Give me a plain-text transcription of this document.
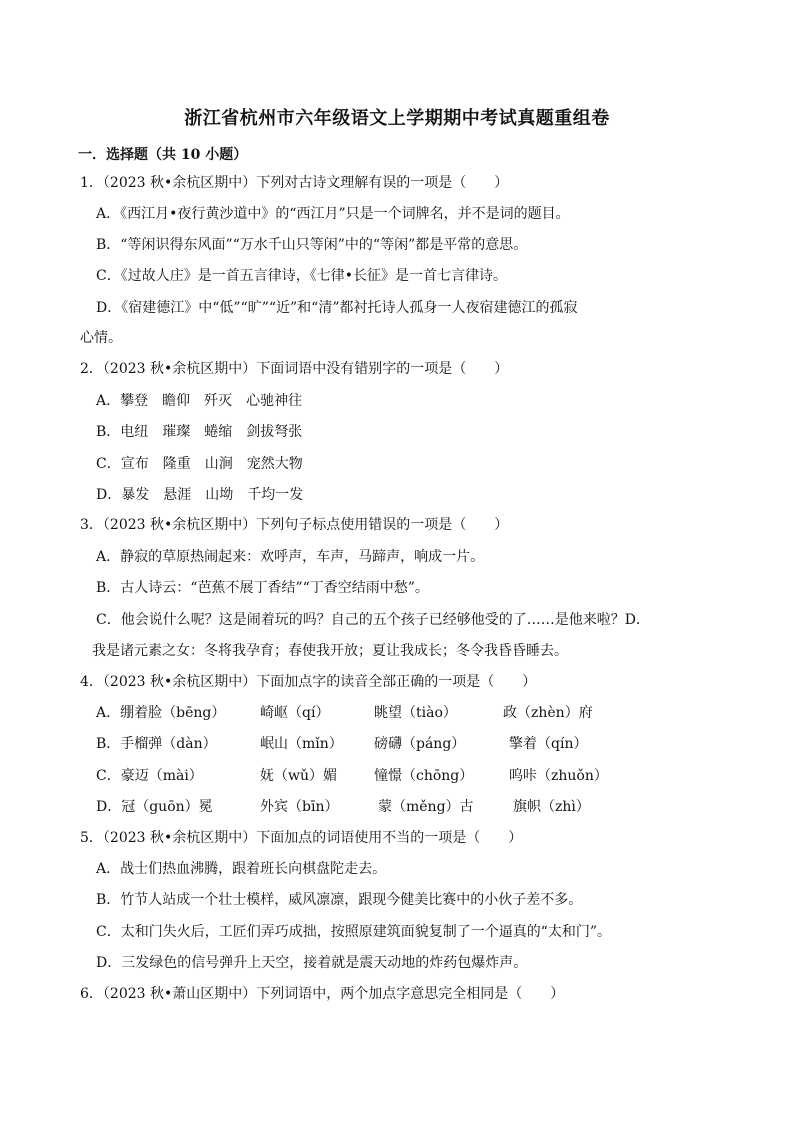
浙江省杭州市六年级语文上学期期中考试真题重组卷
一．选择题（共 10 小题）
1．（2023 秋•余杭区期中）下列对古诗文理解有误的一项是（　　）
A．《西江月•夜行黄沙道中》的“西江月”只是一个词牌名，并不是词的题目。
B．“等闲识得东风面”“万水千山只等闲”中的“等闲”都是平常的意思。
C．《过故人庄》是一首五言律诗，《七律•长征》是一首七言律诗。
D．《宿建德江》中“低”“旷”“近”和“清”都衬托诗人孤身一人夜宿建德江的孤寂
心情。
2．（2023 秋•余杭区期中）下面词语中没有错别字的一项是（　　）
A．攀登　瞻仰　歼灭　心驰神往
B．电纽　璀璨　蜷缩　剑拔弩张
C．宣布　隆重　山涧　宠然大物
D．暴发　悬涯　山坳　千均一发
3．（2023 秋•余杭区期中）下列句子标点使用错误的一项是（　　）
A．静寂的草原热闹起来：欢呼声，车声，马蹄声，响成一片。
B．古人诗云：“芭蕉不展丁香结”“丁香空结雨中愁”。
C．他会说什么呢？这是闹着玩的吗？自己的五个孩子已经够他受的了……是他来啦？D．
我是诸元素之女：冬将我孕育；春使我开放；夏让我成长；冬令我昏昏睡去。
4．（2023 秋•余杭区期中）下面加点字的读音全部正确的一项是（　　）
A．绷着脸（bēng） 崎岖（qí）	眺望（tiào）	政（zhèn）府
B．手榴弹（dàn）	岷山（mǐn） 磅礴（páng）	擎着（qín）
C．豪迈（mài）	妩（wǔ）媚	憧憬（chōng）	呜咔（zhuǒn）
D．冠（guōn）冕	外宾（bīn）	蒙（měng）古	旗帜（zhì）
5．（2023 秋•余杭区期中）下面加点的词语使用不当的一项是（　　）
A．战士们热血沸腾，跟着班长向棋盘陀走去。
B．竹节人站成一个壮士模样，威风凛凛，跟现今健美比赛中的小伙子差不多。
C．太和门失火后，工匠们弄巧成拙，按照原建筑面貌复制了一个逼真的“太和门”。
D．三发绿色的信号弹升上天空，接着就是震天动地的炸药包爆炸声。
6．（2023 秋•萧山区期中）下列词语中，两个加点字意思完全相同是（　　）
